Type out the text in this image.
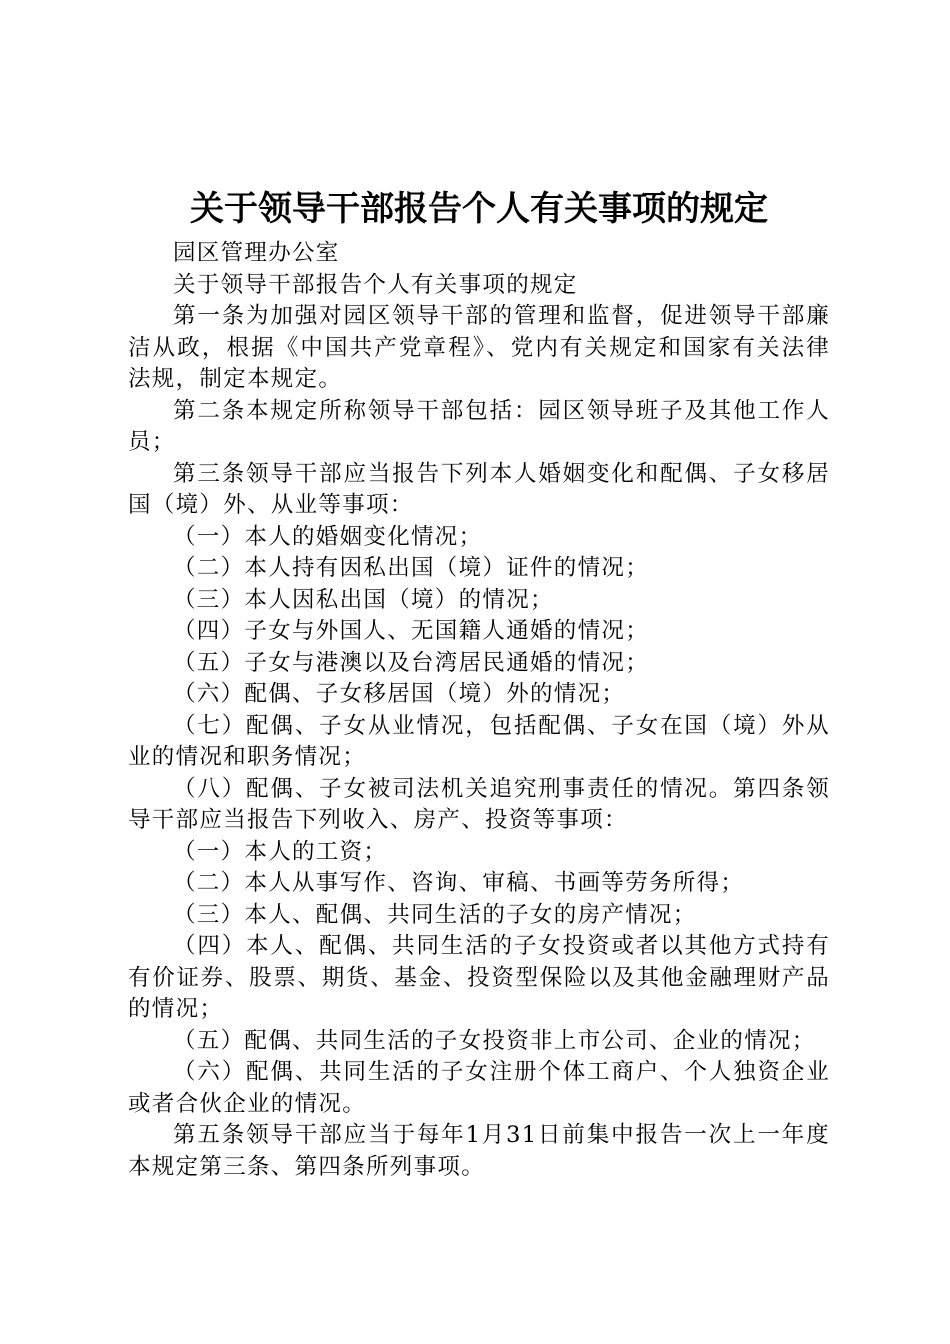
关于领导干部报告个人有关事项的规定

园区管理办公室

关于领导干部报告个人有关事项的规定

第一条为加强对园区领导干部的管理和监督，促进领导干部廉洁从政，根据《中国共产党章程》、党内有关规定和国家有关法律法规，制定本规定。

第二条本规定所称领导干部包括：园区领导班子及其他工作人员；

第三条领导干部应当报告下列本人婚姻变化和配偶、子女移居国（境）外、从业等事项：

（一）本人的婚姻变化情况；

（二）本人持有因私出国（境）证件的情况；

（三）本人因私出国（境）的情况；

（四）子女与外国人、无国籍人通婚的情况；

（五）子女与港澳以及台湾居民通婚的情况；

（六）配偶、子女移居国（境）外的情况；

（七）配偶、子女从业情况，包括配偶、子女在国（境）外从业的情况和职务情况；

（八）配偶、子女被司法机关追究刑事责任的情况。第四条领导干部应当报告下列收入、房产、投资等事项：

（一）本人的工资；

（二）本人从事写作、咨询、审稿、书画等劳务所得；

（三）本人、配偶、共同生活的子女的房产情况；

（四）本人、配偶、共同生活的子女投资或者以其他方式持有有价证券、股票、期货、基金、投资型保险以及其他金融理财产品的情况；

（五）配偶、共同生活的子女投资非上市公司、企业的情况；

（六）配偶、共同生活的子女注册个体工商户、个人独资企业或者合伙企业的情况。

第五条领导干部应当于每年1月31日前集中报告一次上一年度本规定第三条、第四条所列事项。
